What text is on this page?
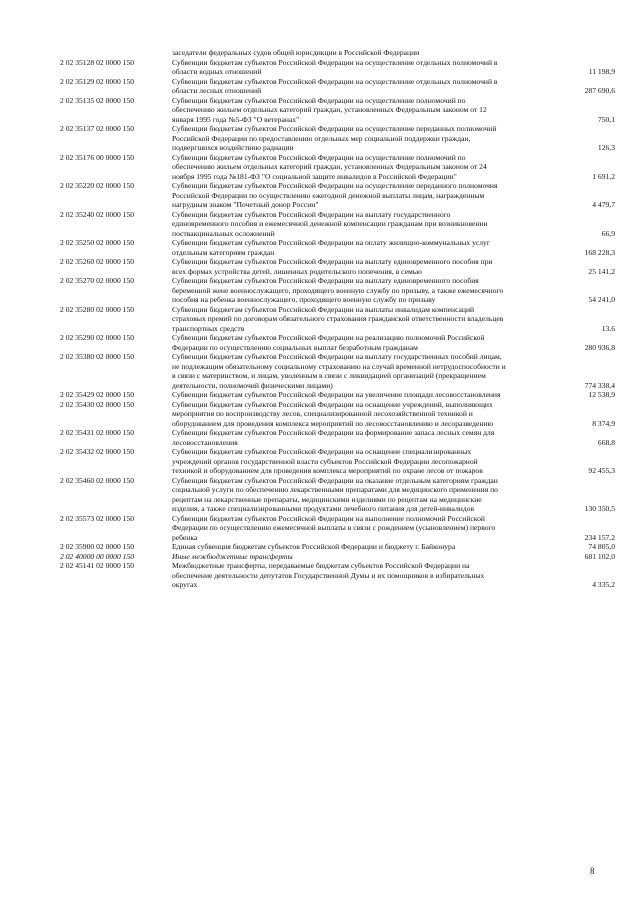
заседатели федеральных судов общей юрисдикции в Российской Федерации
2 02 35128 02 0000 150	Субвенции бюджетам субъектов Российской Федерации на осуществление отдельных полномочий в области водных отношений	11 198,9
2 02 35129 02 0000 150	Субвенции бюджетам субъектов Российской Федерации на осуществление отдельных полномочий в области лесных отношений	287 690,6
2 02 35135 02 0000 150	Субвенции бюджетам субъектов Российской Федерации на осуществление полномочий по обеспечению жильем отдельных категорий граждан, установленных Федеральным законом от 12 января 1995 года №5-ФЗ "О ветеранах"	750,1
2 02 35137 02 0000 150	Субвенции бюджетам субъектов Российской Федерации на осуществление переданных полномочий Российской Федерации по предоставлению отдельных мер социальной поддержки граждан, подвергшихся воздействию радиации	126,3
2 02 35176 00 0000 150	Субвенции бюджетам субъектов Российской Федерации на осуществление полномочий по обеспечению жильем отдельных категорий граждан, установленных Федеральным законом от 24 ноября 1995 года №181-ФЗ "О социальной защите инвалидов в Российской Федерации"	1 691,2
2 02 35220 02 0000 150	Субвенции бюджетам субъектов Российской Федерации на осуществление переданного полномочия Российской Федерации по осуществлению ежегодной денежной выплаты лицам, награжденным нагрудным знаком "Почетный донор России"	4 479,7
2 02 35240 02 0000 150	Субвенции бюджетам субъектов Российской Федерации на выплату государственного единовременного пособия и ежемесячной денежной компенсации гражданам при возникновении поствакцинальных осложнений	66,9
2 02 35250 02 0000 150	Субвенции бюджетам субъектов Российской Федерации на оплату жилищно-коммунальных услуг отдельным категориям граждан	168 228,3
2 02 35260 02 0000 150	Субвенции бюджетам субъектов Российской Федерации на выплату единовременного пособия при всех формах устройства детей, лишенных родительского попечения, в семью	25 141,2
2 02 35270 02 0000 150	Субвенции бюджетам субъектов Российской Федерации на выплату единовременного пособия беременной жене военнослужащего, проходящего военную службу по призыву, а также ежемесячного пособия на ребенка военнослужащего, проходящего военную службу по призыву	54 241,0
2 02 35280 02 0000 150	Субвенции бюджетам субъектов Российской Федерации на выплаты инвалидам компенсаций страховых премий по договорам обязательного страхования гражданской ответственности владельцев транспортных средств	13,6
2 02 35290 02 0000 150	Субвенции бюджетам субъектов Российской Федерации на реализацию полномочий Российской Федерации по осуществлению социальных выплат безработным гражданам	280 936,8
2 02 35380 02 0000 150	Субвенции бюджетам субъектов Российской Федерации на выплату государственных пособий лицам, не подлежащим обязательному социальному страхованию на случай временной нетрудоспособности и в связи с материнством, и лицам, уволенным в связи с ликвидацией организаций (прекращением деятельности, полномочий физическими лицами)	774 338,4
2 02 35429 02 0000 150	Субвенции бюджетам субъектов Российской Федерации на увеличение площади лесовосстановления	12 538,9
2 02 35430 02 0000 150	Субвенции бюджетам субъектов Российской Федерации на оснащение учреждений, выполняющих мероприятия по воспроизводству лесов, специализированной лесохозяйственной техникой и оборудованием для проведения комплекса мероприятий по лесовосстановлению и лесоразведению	8 374,9
2 02 35431 02 0000 150	Субвенции бюджетам субъектов Российской Федерации на формирование запаса лесных семян для лесовосстановления	668,8
2 02 35432 02 0000 150	Субвенции бюджетам субъектов Российской Федерации на оснащение специализированных учреждений органов государственной власти субъектов Российской Федерации лесопожарной техникой и оборудованием для проведения комплекса мероприятий по охране лесов от пожаров	92 455,3
2 02 35460 02 0000 150	Субвенции бюджетам субъектов Российской Федерации на оказание отдельным категориям граждан социальной услуги по обеспечению лекарственными препаратами для медицинского применения по рецептам на лекарственные препараты, медицинскими изделиями по рецептам на медицинские изделия, а также специализированными продуктами лечебного питания для детей-инвалидов	130 350,5
2 02 35573 02 0000 150	Субвенции бюджетам субъектов Российской Федерации на выполнение полномочий Российской Федерации по осуществлению ежемесячной выплаты в связи с рождением (усыновлением) первого ребенка	234 157,2
2 02 35900 02 0000 150	Единая субвенция бюджетам субъектов Российской Федерации и бюджету г. Байконура	74 805,0
2 02 40000 00 0000 150	Иные межбюджетные трансферты	681 102,0
2 02 45141 02 0000 150	Межбюджетные трансферты, передаваемые бюджетам субъектов Российской Федерации на обеспечение деятельности депутатов Государственной Думы и их помощников в избирательных округах	4 335,2
8
